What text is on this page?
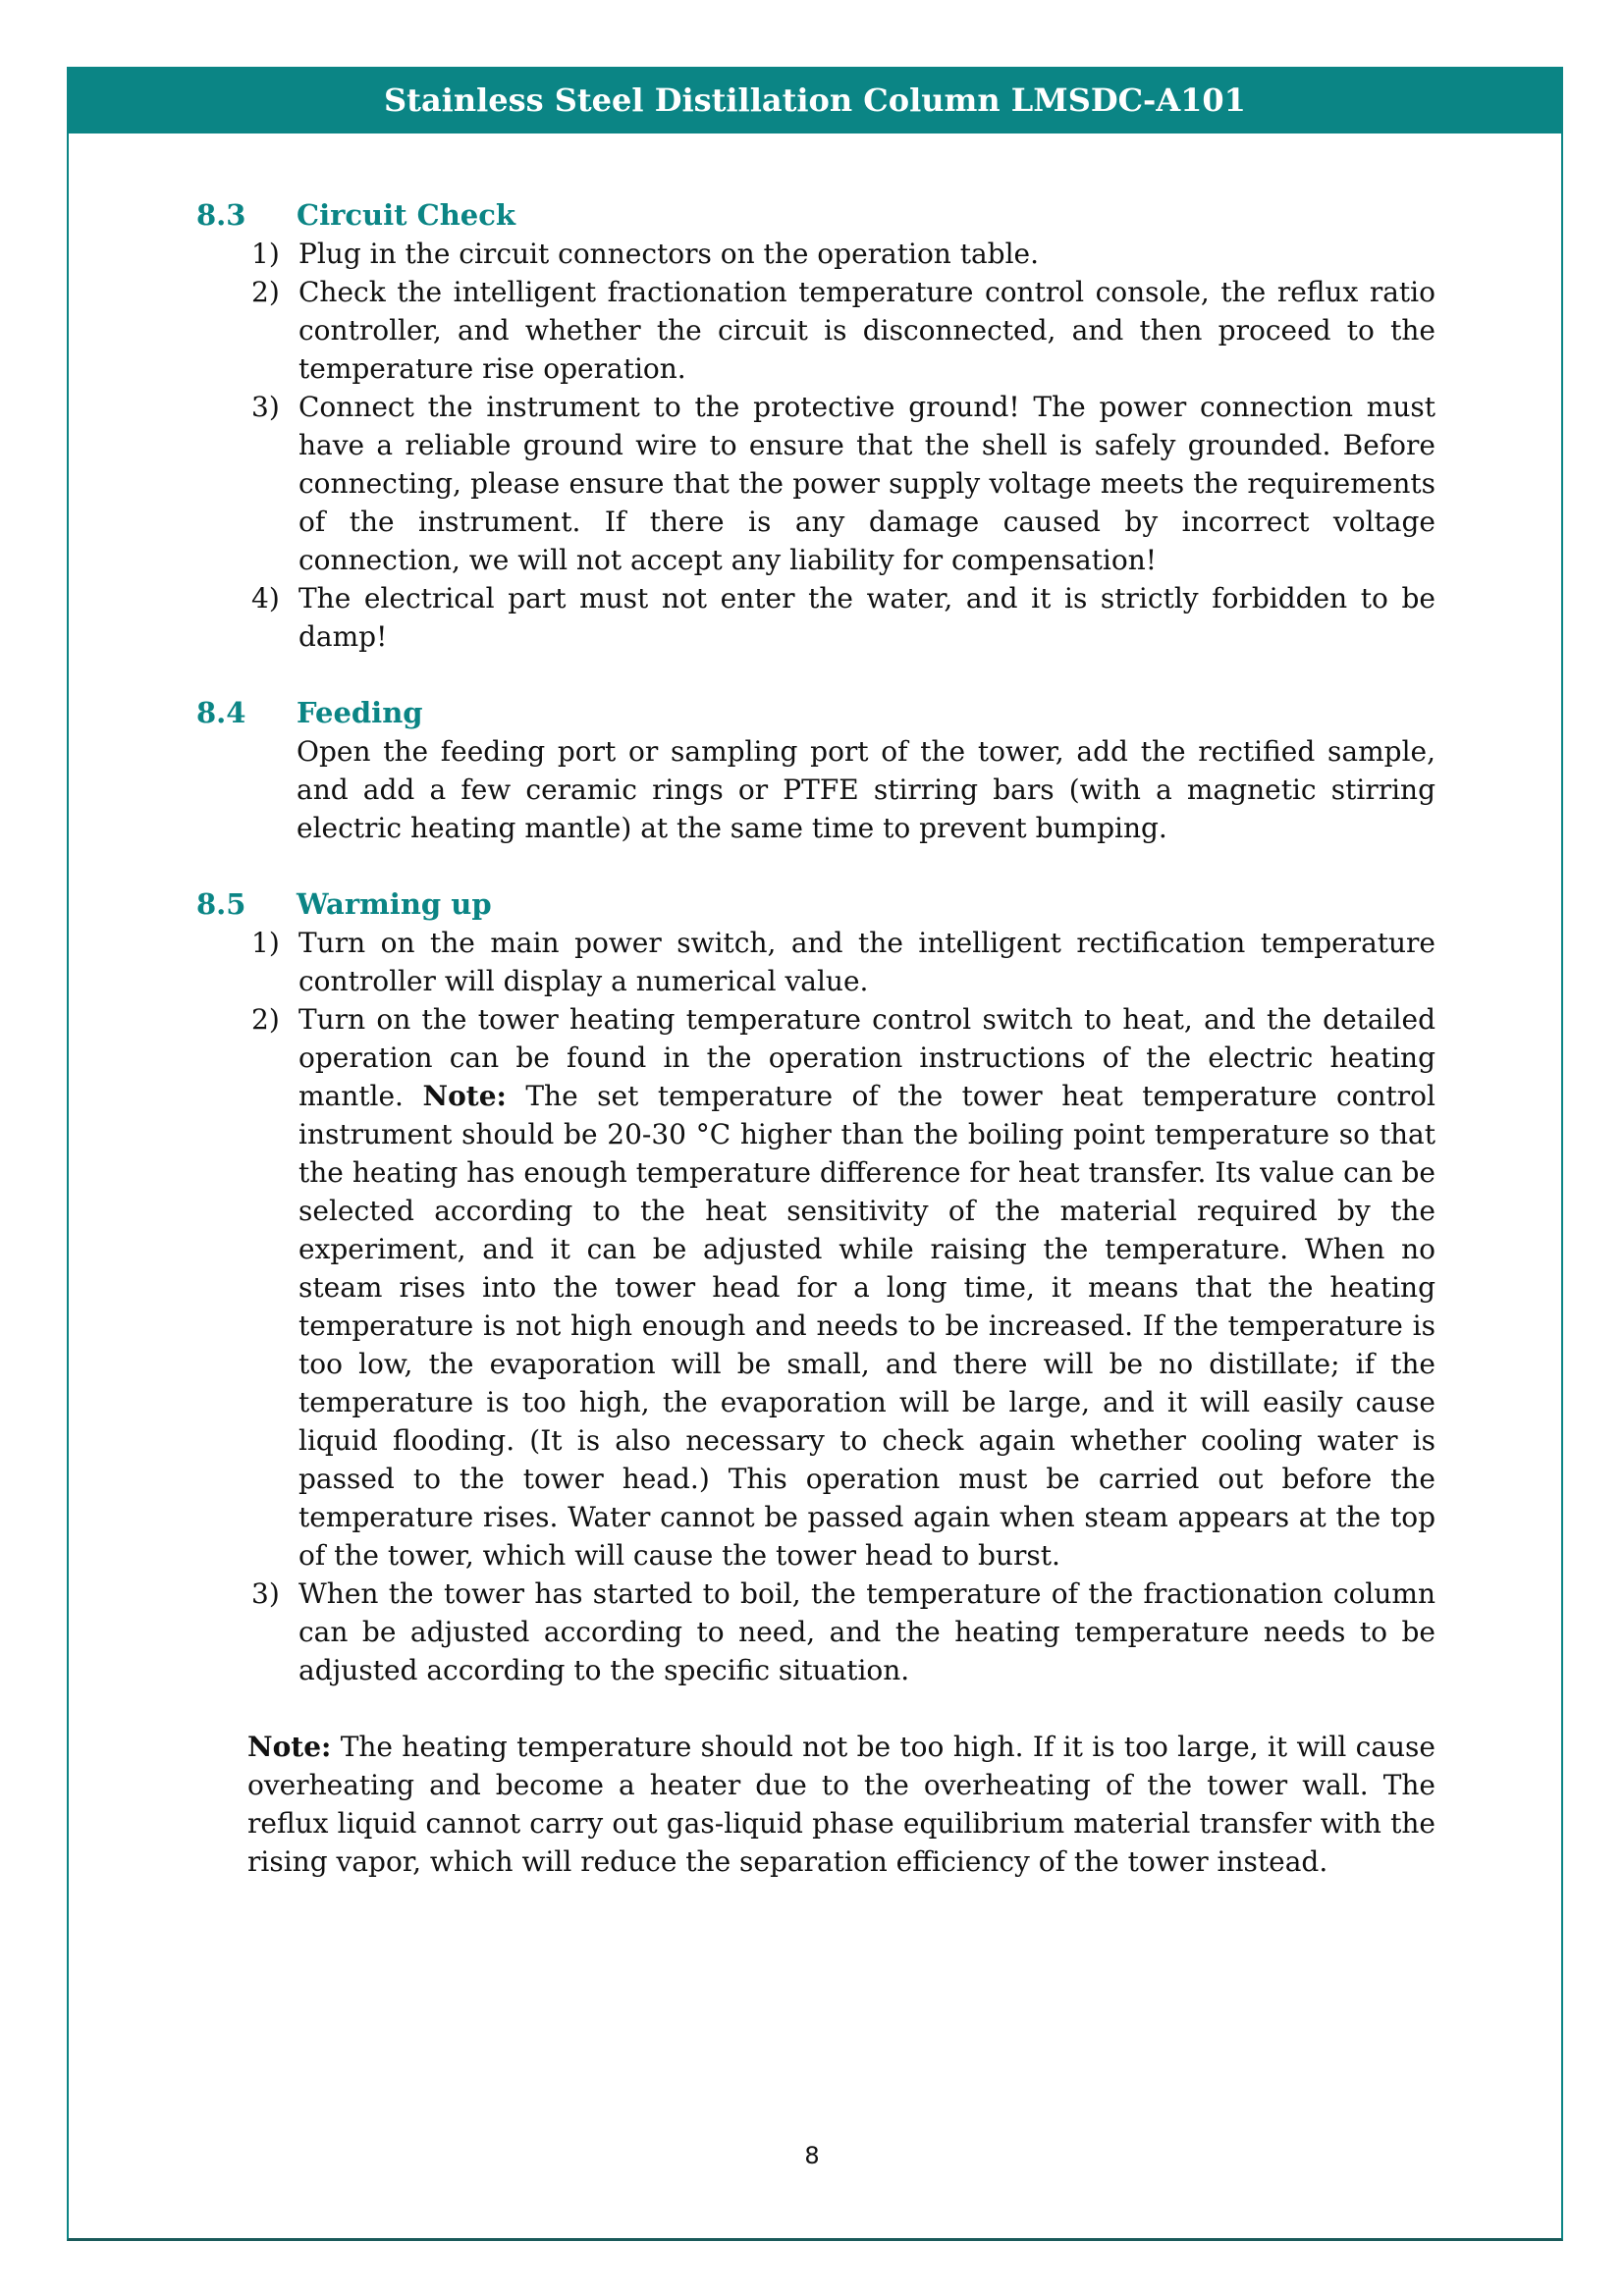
Stainless Steel Distillation Column LMSDC-A101
8.3 Circuit Check
1) Plug in the circuit connectors on the operation table.
2) Check the intelligent fractionation temperature control console, the reflux ratio controller, and whether the circuit is disconnected, and then proceed to the temperature rise operation.
3) Connect the instrument to the protective ground! The power connection must have a reliable ground wire to ensure that the shell is safely grounded. Before connecting, please ensure that the power supply voltage meets the requirements of the instrument. If there is any damage caused by incorrect voltage connection, we will not accept any liability for compensation!
4) The electrical part must not enter the water, and it is strictly forbidden to be damp!
8.4 Feeding
Open the feeding port or sampling port of the tower, add the rectified sample, and add a few ceramic rings or PTFE stirring bars (with a magnetic stirring electric heating mantle) at the same time to prevent bumping.
8.5 Warming up
1) Turn on the main power switch, and the intelligent rectification temperature controller will display a numerical value.
2) Turn on the tower heating temperature control switch to heat, and the detailed operation can be found in the operation instructions of the electric heating mantle. Note: The set temperature of the tower heat temperature control instrument should be 20-30 °C higher than the boiling point temperature so that the heating has enough temperature difference for heat transfer. Its value can be selected according to the heat sensitivity of the material required by the experiment, and it can be adjusted while raising the temperature. When no steam rises into the tower head for a long time, it means that the heating temperature is not high enough and needs to be increased. If the temperature is too low, the evaporation will be small, and there will be no distillate; if the temperature is too high, the evaporation will be large, and it will easily cause liquid flooding. (It is also necessary to check again whether cooling water is passed to the tower head.) This operation must be carried out before the temperature rises. Water cannot be passed again when steam appears at the top of the tower, which will cause the tower head to burst.
3) When the tower has started to boil, the temperature of the fractionation column can be adjusted according to need, and the heating temperature needs to be adjusted according to the specific situation.
Note: The heating temperature should not be too high. If it is too large, it will cause overheating and become a heater due to the overheating of the tower wall. The reflux liquid cannot carry out gas-liquid phase equilibrium material transfer with the rising vapor, which will reduce the separation efficiency of the tower instead.
8
